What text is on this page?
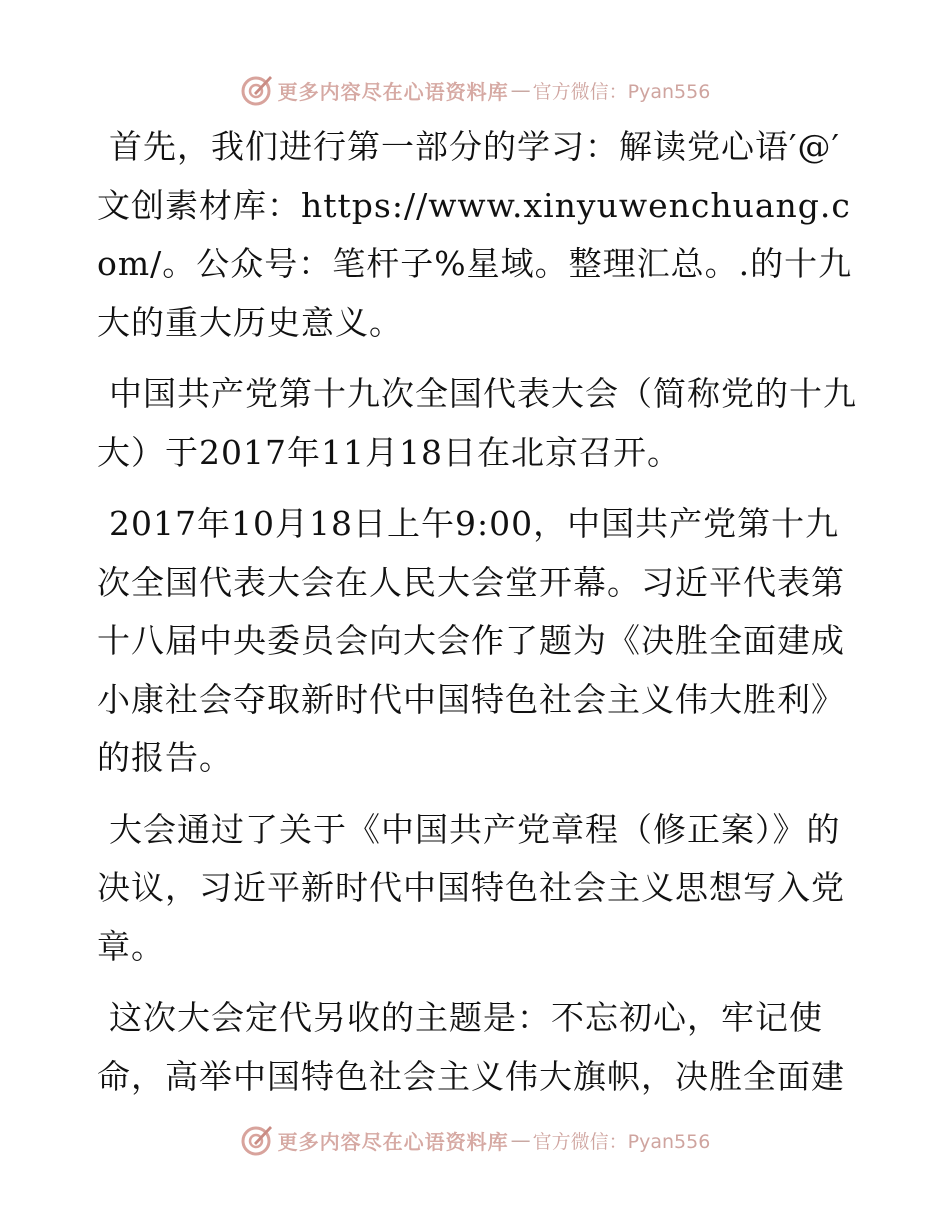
更多内容尽在心语资料库 — 官方微信：Pyan556

首先，我们进行第一部分的学习：解读党心语′@′文创素材库：https://www.xinyuwenchuang.com/。公众号：笔杆子%星域。整理汇总。.的十九大的重大历史意义。

中国共产党第十九次全国代表大会（简称党的十九大）于2017年11月18日在北京召开。

2017年10月18日上午9:00，中国共产党第十九次全国代表大会在人民大会堂开幕。习近平代表第十八届中央委员会向大会作了题为《决胜全面建成小康社会夺取新时代中国特色社会主义伟大胜利》的报告。

大会通过了关于《中国共产党章程（修正案）》的决议，习近平新时代中国特色社会主义思想写入党章。

这次大会定代另收的主题是：不忘初心，牢记使命，高举中国特色社会主义伟大旗帜，决胜全面建

更多内容尽在心语资料库 — 官方微信：Pyan556
